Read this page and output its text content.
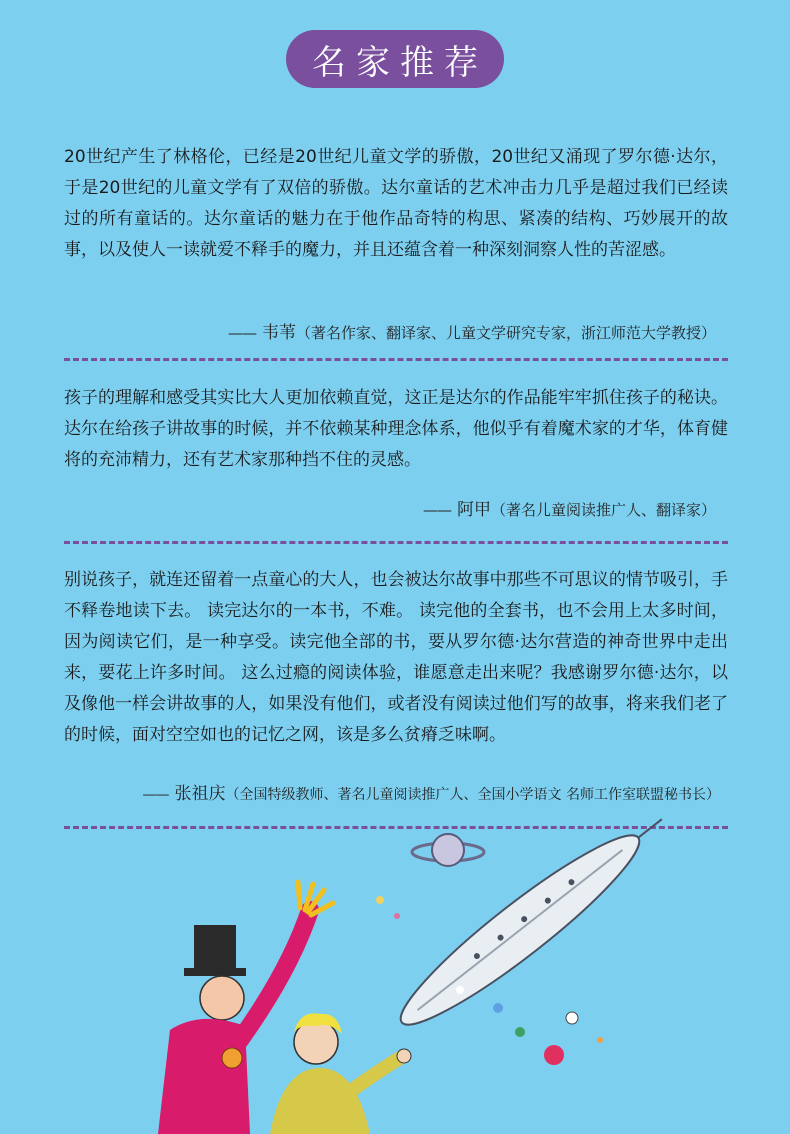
名家推荐
20世纪产生了林格伦，已经是20世纪儿童文学的骄傲，20世纪又涌现了罗尔德·达尔，于是20世纪的儿童文学有了双倍的骄傲。达尔童话的艺术冲击力几乎是超过我们已经读过的所有童话的。达尔童话的魅力在于他作品奇特的构思、紧凑的结构、巧妙展开的故事，以及使人一读就爱不释手的魔力，并且还蕴含着一种深刻洞察人性的苦涩感。
—— 韦苇（著名作家、翻译家、儿童文学研究专家，浙江师范大学教授）
孩子的理解和感受其实比大人更加依赖直觉，这正是达尔的作品能牢牢抓住孩子的秘诀。达尔在给孩子讲故事的时候，并不依赖某种理念体系，他似乎有着魔术家的才华，体育健将的充沛精力，还有艺术家那种挡不住的灵感。
—— 阿甲（著名儿童阅读推广人、翻译家）
别说孩子，就连还留着一点童心的大人，也会被达尔故事中那些不可思议的情节吸引，手不释卷地读下去。 读完达尔的一本书，不难。 读完他的全套书，也不会用上太多时间，因为阅读它们，是一种享受。读完他全部的书，要从罗尔德·达尔营造的神奇世界中走出来，要花上许多时间。 这么过瘾的阅读体验，谁愿意走出来呢？我感谢罗尔德·达尔，以及像他一样会讲故事的人，如果没有他们，或者没有阅读过他们写的故事，将来我们老了的时候，面对空空如也的记忆之网，该是多么贫瘠乏味啊。
—— 张祖庆（全国特级教师、著名儿童阅读推广人、全国小学语文 名师工作室联盟秘书长）
